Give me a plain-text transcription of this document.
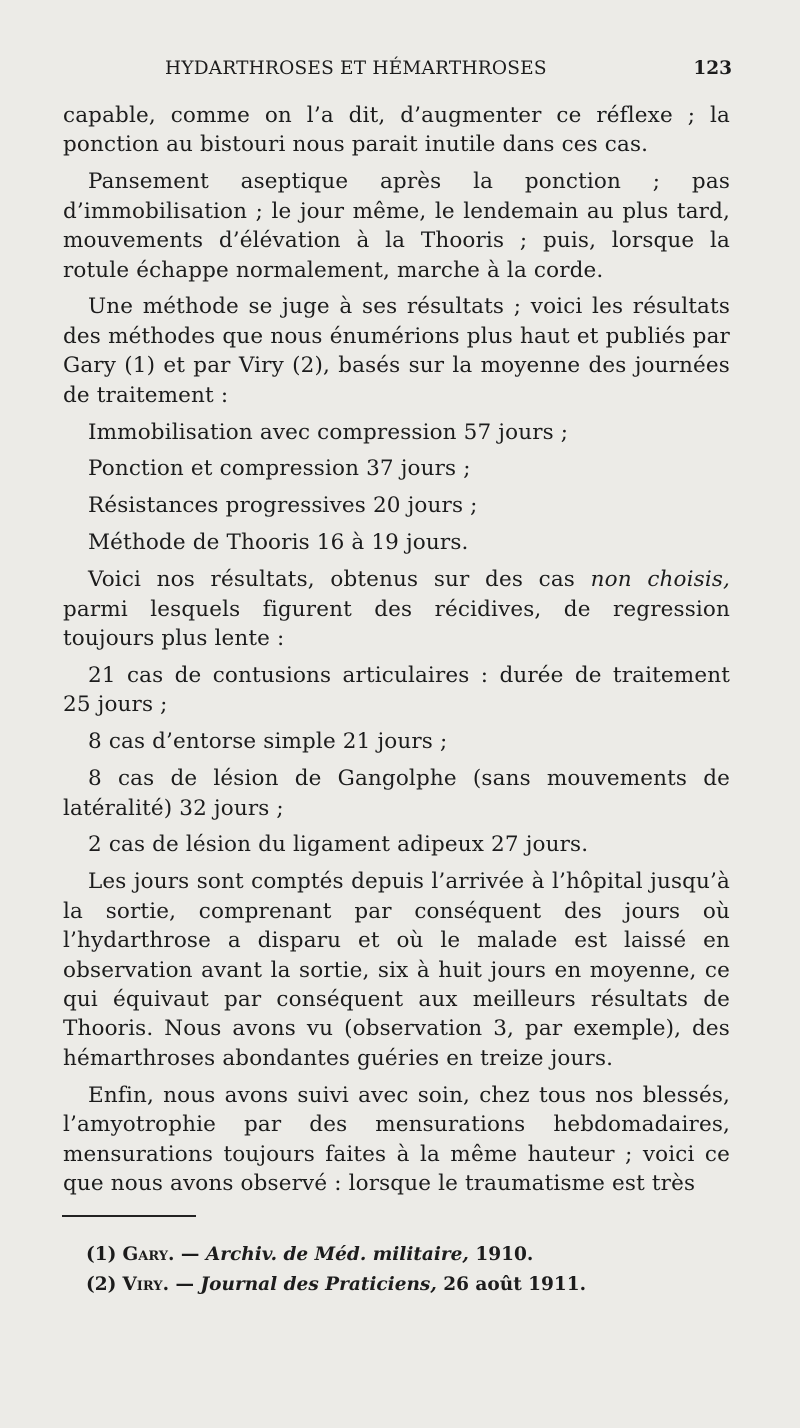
HYDARTHROSES ET HÉMARTHROSES	123

capable, comme on l’a dit, d’augmenter ce réflexe ; la ponction au bistouri nous parait inutile dans ces cas.

Pansement aseptique après la ponction ; pas d’immobilisation ; le jour même, le lendemain au plus tard, mouvements d’élévation à la Thooris ; puis, lorsque la rotule échappe normalement, marche à la corde.

Une méthode se juge à ses résultats ; voici les résultats des méthodes que nous énumérions plus haut et publiés par Gary (1) et par Viry (2), basés sur la moyenne des journées de traitement :

Immobilisation avec compression 57 jours ;

Ponction et compression 37 jours ;

Résistances progressives 20 jours ;

Méthode de Thooris 16 à 19 jours.

Voici nos résultats, obtenus sur des cas non choisis, parmi lesquels figurent des récidives, de regression toujours plus lente :

21 cas de contusions articulaires : durée de traitement 25 jours ;

8 cas d’entorse simple 21 jours ;

8 cas de lésion de Gangolphe (sans mouvements de latéralité) 32 jours ;

2 cas de lésion du ligament adipeux 27 jours.

Les jours sont comptés depuis l’arrivée à l’hôpital jusqu’à la sortie, comprenant par conséquent des jours où l’hydarthrose a disparu et où le malade est laissé en observation avant la sortie, six à huit jours en moyenne, ce qui équivaut par conséquent aux meilleurs résultats de Thooris. Nous avons vu (observation 3, par exemple), des hémarthroses abondantes guéries en treize jours.

Enfin, nous avons suivi avec soin, chez tous nos blessés, l’amyotrophie par des mensurations hebdomadaires, mensurations toujours faites à la même hauteur ; voici ce que nous avons observé : lorsque le traumatisme est très

(1) Gary. — Archiv. de Méd. militaire, 1910.
(2) Viry. — Journal des Praticiens, 26 août 1911.
